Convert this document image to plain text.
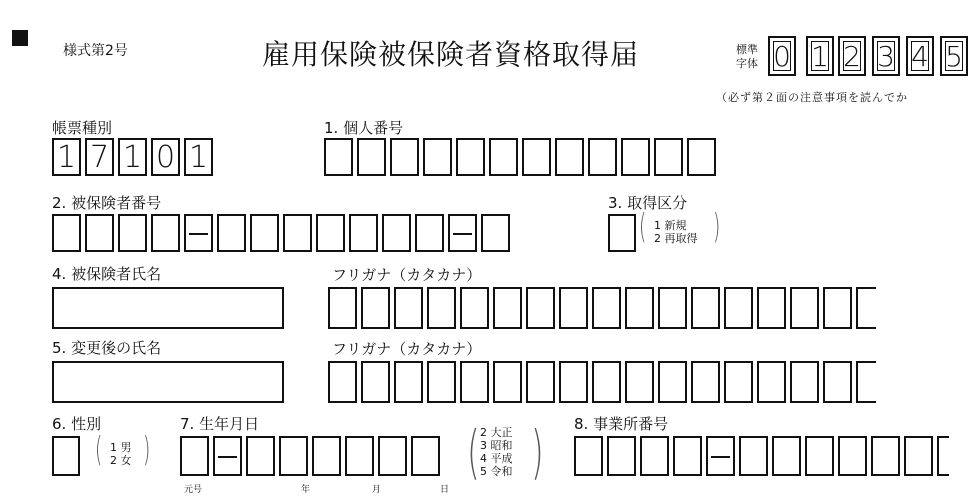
様式第2号	雇用保険被保険者資格取得届	標準
字体 0 1 2 3 4 5
（必ず第２面の注意事項を読んでか
帳票種別
1 7 1 0 1
1. 個人番号
2. 被保険者番号	3. 取得区分
( 1 新規
2 再取得 )
4. 被保険者氏名	フリガナ（カタカナ）
5. 変更後の氏名	フリガナ（カタカナ）
6. 性別
( 1 男
2 女 )
7. 生年月日
元号	年	月	日
( 2 大正
3 昭和
4 平成
5 令和 ) 8. 事業所番号
